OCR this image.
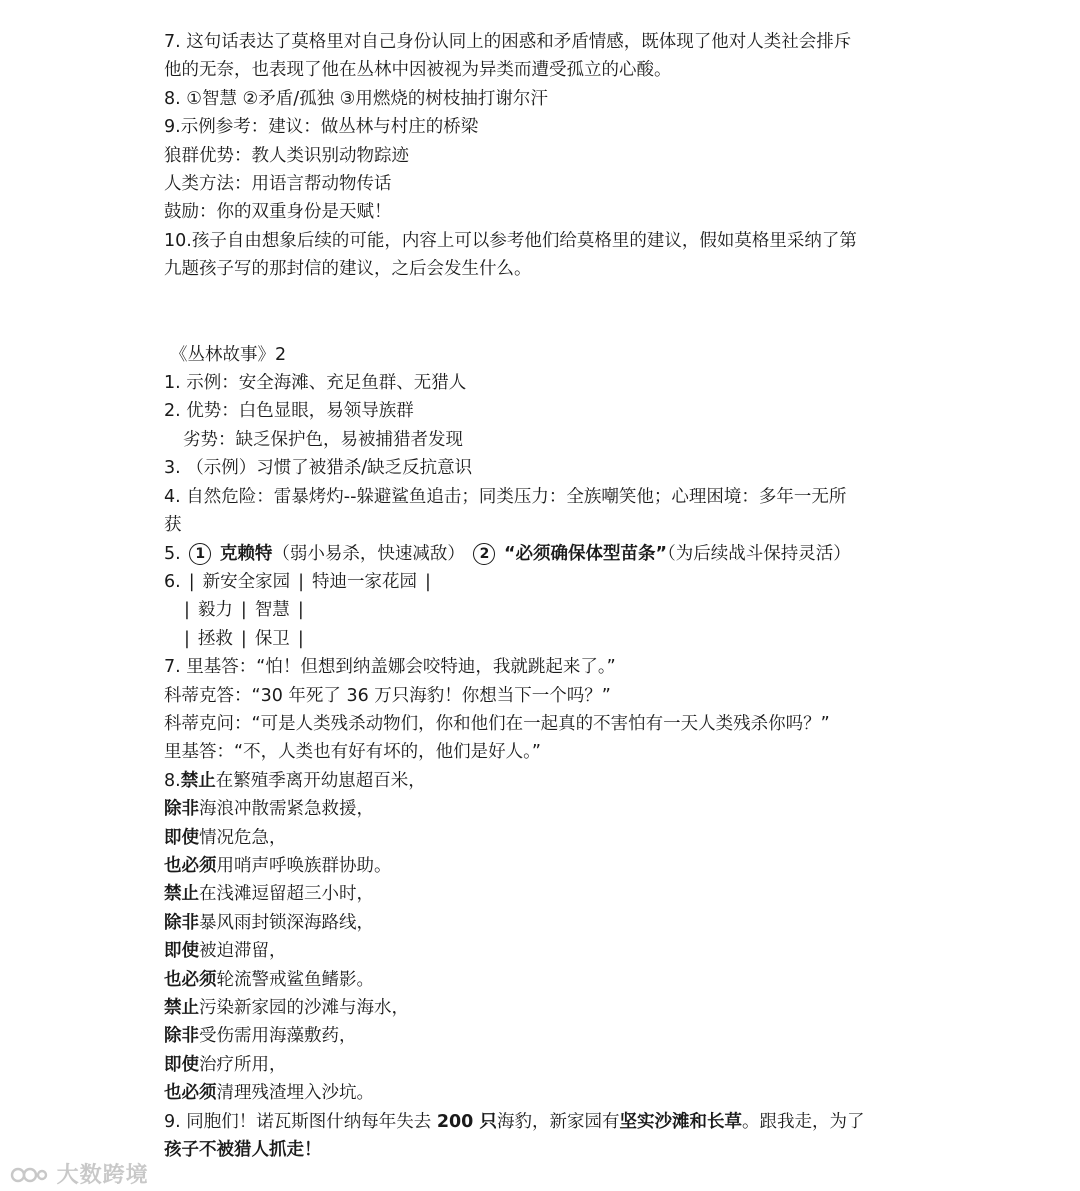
7. 这句话表达了莫格里对自己身份认同上的困惑和矛盾情感，既体现了他对人类社会排斥

他的无奈，也表现了他在丛林中因被视为异类而遭受孤立的心酸。

8. ①智慧 ②矛盾/孤独 ③用燃烧的树枝抽打谢尔汗

9.示例参考：建议：做丛林与村庄的桥梁

狼群优势：教人类识别动物踪迹

人类方法：用语言帮动物传话

鼓励：你的双重身份是天赋！

10.孩子自由想象后续的可能，内容上可以参考他们给莫格里的建议，假如莫格里采纳了第

九题孩子写的那封信的建议，之后会发生什么。

《丛林故事》2

1. 示例：安全海滩、充足鱼群、无猎人

2. 优势：白色显眼，易领导族群

劣势：缺乏保护色，易被捕猎者发现

3. （示例）习惯了被猎杀/缺乏反抗意识

4. 自然危险：雷暴烤灼--躲避鲨鱼追击；同类压力：全族嘲笑他；心理困境：多年一无所

获

5. 1 克赖特（弱小易杀，快速减敌） 2 “必须确保体型苗条”（为后续战斗保持灵活）

6. | 新安全家园 | 特迪一家花园 |

| 毅力 | 智慧 |

| 拯救 | 保卫 |

7. 里基答：“怕！但想到纳盖娜会咬特迪，我就跳起来了。”

科蒂克答：“30 年死了 36 万只海豹！你想当下一个吗？”

科蒂克问：“可是人类残杀动物们，你和他们在一起真的不害怕有一天人类残杀你吗？”

里基答：“不，人类也有好有坏的，他们是好人。”

8.禁止在繁殖季离开幼崽超百米，

除非海浪冲散需紧急救援，

即使情况危急，

也必须用哨声呼唤族群协助。

禁止在浅滩逗留超三小时，

除非暴风雨封锁深海路线，

即使被迫滞留，

也必须轮流警戒鲨鱼鳍影。

禁止污染新家园的沙滩与海水，

除非受伤需用海藻敷药，

即使治疗所用，

也必须清理残渣埋入沙坑。

9. 同胞们！诺瓦斯图什纳每年失去 200 只海豹，新家园有坚实沙滩和长草。跟我走，为了

孩子不被猎人抓走！

大数跨境
